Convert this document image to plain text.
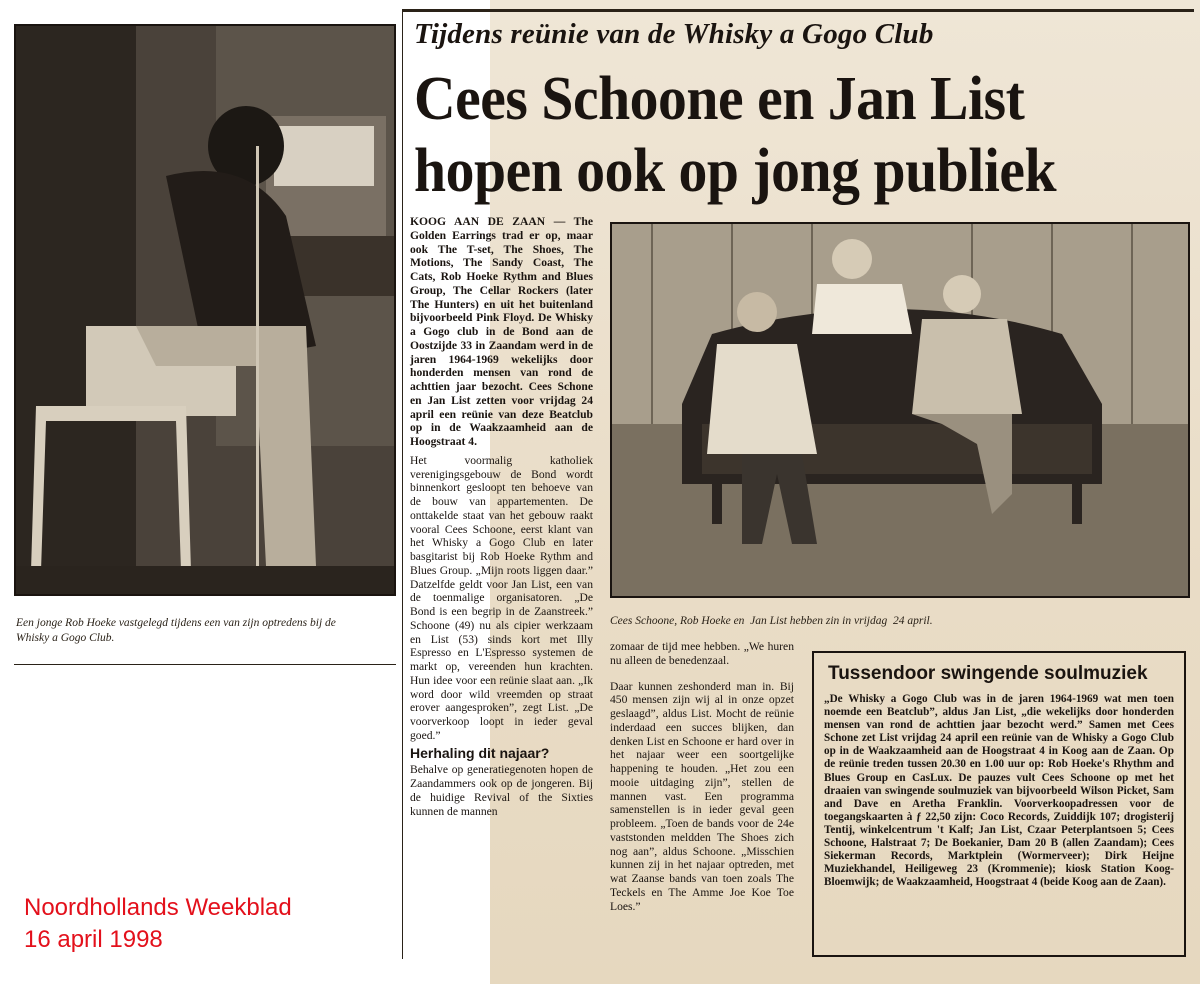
Een jonge Rob Hoeke vastgelegd tijdens een van zijn optredens bij de Whisky a Gogo Club.
Tijdens reünie van de Whisky a Gogo Club
Cees Schoone en Jan List
hopen ook op jong publiek

KOOG AAN DE ZAAN — The Golden Earrings trad er op, maar ook The T-set, The Shoes, The Motions, The Sandy Coast, The Cats, Rob Hoeke Rythm and Blues Group, The Cellar Rockers (later The Hunters) en uit het buitenland bijvoorbeeld Pink Floyd. De Whisky a Gogo club in de Bond aan de Oostzijde 33 in Zaandam werd in de jaren 1964-1969 wekelijks door honderden mensen van rond de achttien jaar bezocht. Cees Schone en Jan List zetten voor vrijdag 24 april een reünie van deze Beatclub op in de Waakzaamheid aan de Hoogstraat 4.

Het voormalig katholiek verenigingsgebouw de Bond wordt binnenkort gesloopt ten behoeve van de bouw van appartementen. De onttakelde staat van het gebouw raakt vooral Cees Schoone, eerst klant van het Whisky a Gogo Club en later basgitarist bij Rob Hoeke Rythm and Blues Group. „Mijn roots liggen daar.” Datzelfde geldt voor Jan List, een van de toenmalige organisatoren. „De Bond is een begrip in de Zaanstreek.” Schoone (49) nu als cipier werkzaam en List (53) sinds kort met Illy Espresso en L'Espresso systemen de markt op, vereenden hun krachten. Hun idee voor een reünie slaat aan. „Ik word door wild vreemden op straat erover aangesproken”, zegt List. „De voorverkoop loopt in ieder geval goed.”

Herhaling dit najaar?

Behalve op generatiegenoten hopen de Zaandammers ook op de jongeren. Bij de huidige Revival of the Sixties kunnen de mannen

Cees Schoone, Rob Hoeke en  Jan List hebben zin in vrijdag  24 april.

zomaar de tijd mee hebben. „We huren nu alleen de benedenzaal.

Daar kunnen zeshonderd man in. Bij 450 mensen zijn wij al in onze opzet geslaagd”, aldus List. Mocht de reünie inderdaad een succes blijken, dan denken List en Schoone er hard over in het najaar weer een soortgelijke happening te houden. „Het zou een mooie uitdaging zijn”, stellen de mannen vast. Een programma samenstellen is in ieder geval geen probleem. „Toen de bands voor de 24e vaststonden meldden The Shoes zich nog aan”, aldus Schoone. „Misschien kunnen zij in het najaar optreden, met wat Zaanse bands van toen zoals The Teckels en The Amme Joe Koe Toe Loes.”

Tussendoor swingende soulmuziek
„De Whisky a Gogo Club was in de jaren 1964-1969 wat men toen noemde een Beatclub”, aldus Jan List, „die wekelijks door honderden mensen van rond de achttien jaar bezocht werd.” Samen met Cees Schone zet List vrijdag 24 april een reünie van de Whisky a Gogo Club op in de Waakzaamheid aan de Hoogstraat 4 in Koog aan de Zaan. Op de reünie treden tussen 20.30 en 1.00 uur op: Rob Hoeke's Rhythm and Blues Group en CasLux. De pauzes vult Cees Schoone op met het draaien van swingende soulmuziek van bijvoorbeeld Wilson Picket, Sam and Dave en Aretha Franklin. Voorverkoopadressen voor de toegangskaarten à ƒ 22,50 zijn: Coco Records, Zuiddijk 107; drogisterij Tentij, winkelcentrum 't Kalf; Jan List, Czaar Peterplantsoen 5; Cees Schoone, Halstraat 7; De Boekanier, Dam 20 B (allen Zaandam); Cees Siekerman Records, Marktplein (Wormerveer); Dirk Heijne Muziekhandel, Heiligeweg 23 (Krommenie); kiosk Station Koog-Bloemwijk; de Waakzaamheid, Hoogstraat 4 (beide Koog aan de Zaan).
Noordhollands Weekblad
16 april 1998
